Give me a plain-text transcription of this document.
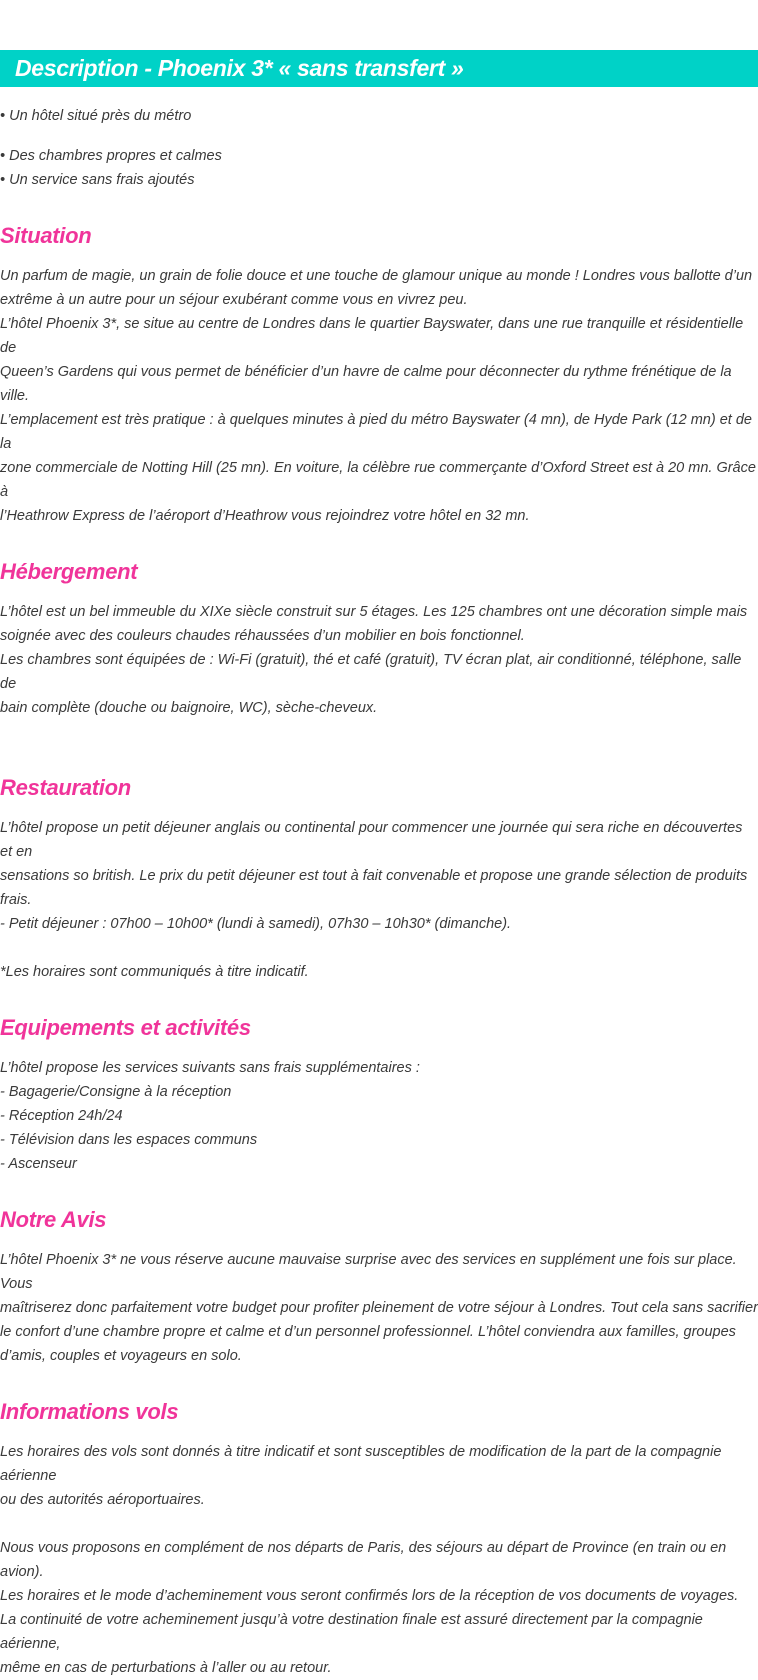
Description - Phoenix 3* « sans transfert »
• Un hôtel situé près du métro
• Des chambres propres et calmes
• Un service sans frais ajoutés
Situation

Un parfum de magie, un grain de folie douce et une touche de glamour unique au monde ! Londres vous ballotte d’un

extrême à un autre pour un séjour exubérant comme vous en vivrez peu.

L’hôtel Phoenix 3*, se situe au centre de Londres dans le quartier Bayswater, dans une rue tranquille et résidentielle de

Queen’s Gardens qui vous permet de bénéficier d’un havre de calme pour déconnecter du rythme frénétique de la ville.

L’emplacement est très pratique : à quelques minutes à pied du métro Bayswater (4 mn), de Hyde Park (12 mn) et de la

zone commerciale de Notting Hill (25 mn). En voiture, la célèbre rue commerçante d’Oxford Street est à 20 mn. Grâce à

l’Heathrow Express de l’aéroport d’Heathrow vous rejoindrez votre hôtel en 32 mn.

Hébergement

L’hôtel est un bel immeuble du XIXe siècle construit sur 5 étages. Les 125 chambres ont une décoration simple mais

soignée avec des couleurs chaudes réhaussées d’un mobilier en bois fonctionnel.

Les chambres sont équipées de : Wi-Fi (gratuit), thé et café (gratuit), TV écran plat, air conditionné, téléphone, salle de

bain complète (douche ou baignoire, WC), sèche-cheveux.

Restauration

L’hôtel propose un petit déjeuner anglais ou continental pour commencer une journée qui sera riche en découvertes et en

sensations so british. Le prix du petit déjeuner est tout à fait convenable et propose une grande sélection de produits frais.

- Petit déjeuner : 07h00 – 10h00* (lundi à samedi), 07h30 – 10h30* (dimanche).

*Les horaires sont communiqués à titre indicatif.

Equipements et activités

L’hôtel propose les services suivants sans frais supplémentaires :

- Bagagerie/Consigne à la réception

- Réception 24h/24

- Télévision dans les espaces communs

- Ascenseur

Notre Avis

L’hôtel Phoenix 3* ne vous réserve aucune mauvaise surprise avec des services en supplément une fois sur place. Vous

maîtriserez donc parfaitement votre budget pour profiter pleinement de votre séjour à Londres. Tout cela sans sacrifier

le confort d’une chambre propre et calme et d’un personnel professionnel. L’hôtel conviendra aux familles, groupes

d’amis, couples et voyageurs en solo.

Informations vols

Les horaires des vols sont donnés à titre indicatif et sont susceptibles de modification de la part de la compagnie aérienne

ou des autorités aéroportuaires.

Nous vous proposons en complément de nos départs de Paris, des séjours au départ de Province (en train ou en avion).

Les horaires et le mode d’acheminement vous seront confirmés lors de la réception de vos documents de voyages.

La continuité de votre acheminement jusqu’à votre destination finale est assuré directement par la compagnie aérienne,

même en cas de perturbations à l’aller ou au retour.
